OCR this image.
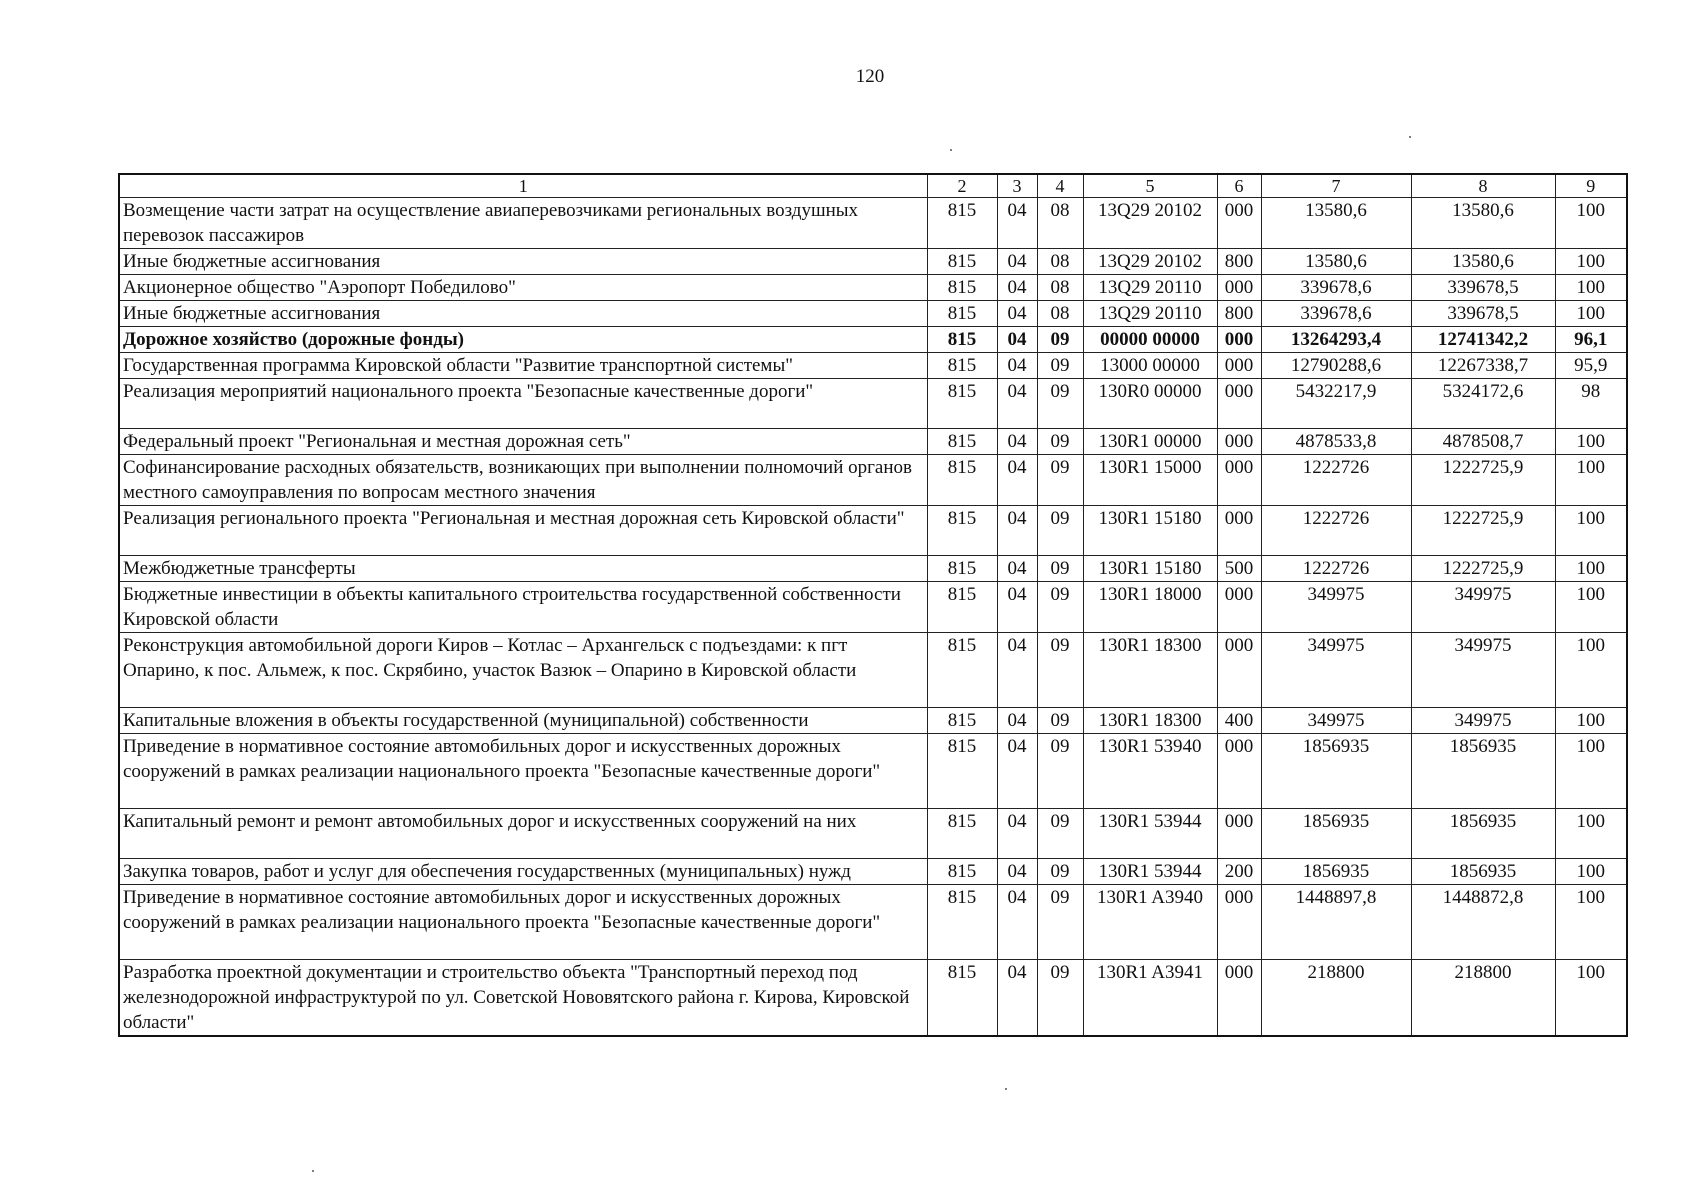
120
1	2	3	4	5	6	7	8	9
Возмещение части затрат на осуществление авиаперевозчиками региональных воздушных перевозок пассажиров	815	04	08	13Q29 20102	000	13580,6	13580,6	100
Иные бюджетные ассигнования	815	04	08	13Q29 20102	800	13580,6	13580,6	100
Акционерное общество "Аэропорт Победилово"	815	04	08	13Q29 20110	000	339678,6	339678,5	100
Иные бюджетные ассигнования	815	04	08	13Q29 20110	800	339678,6	339678,5	100
Дорожное хозяйство (дорожные фонды)	815	04	09	00000 00000	000	13264293,4	12741342,2	96,1
Государственная программа Кировской области "Развитие транспортной системы"	815	04	09	13000 00000	000	12790288,6	12267338,7	95,9
Реализация мероприятий национального проекта "Безопасные качественные дороги"	815	04	09	130R0 00000	000	5432217,9	5324172,6	98
Федеральный проект "Региональная и местная дорожная сеть"	815	04	09	130R1 00000	000	4878533,8	4878508,7	100
Софинансирование расходных обязательств, возникающих при выполнении полномочий органов местного самоуправления по вопросам местного значения	815	04	09	130R1 15000	000	1222726	1222725,9	100
Реализация регионального проекта "Региональная и местная дорожная сеть Кировской области"	815	04	09	130R1 15180	000	1222726	1222725,9	100
Межбюджетные трансферты	815	04	09	130R1 15180	500	1222726	1222725,9	100
Бюджетные инвестиции в объекты капитального строительства государственной собственности Кировской области	815	04	09	130R1 18000	000	349975	349975	100
Реконструкция автомобильной дороги Киров – Котлас – Архангельск с подъездами: к пгт Опарино, к пос. Альмеж, к пос. Скрябино, участок Вазюк – Опарино в Кировской области	815	04	09	130R1 18300	000	349975	349975	100
Капитальные вложения в объекты государственной (муниципальной) собственности	815	04	09	130R1 18300	400	349975	349975	100
Приведение в нормативное состояние автомобильных дорог и искусственных дорожных сооружений в рамках реализации национального проекта "Безопасные качественные дороги"	815	04	09	130R1 53940	000	1856935	1856935	100
Капитальный ремонт и ремонт автомобильных дорог и искусственных сооружений на них	815	04	09	130R1 53944	000	1856935	1856935	100
Закупка товаров, работ и услуг для обеспечения государственных (муниципальных) нужд	815	04	09	130R1 53944	200	1856935	1856935	100
Приведение в нормативное состояние автомобильных дорог и искусственных дорожных сооружений в рамках реализации национального проекта "Безопасные качественные дороги"	815	04	09	130R1 A3940	000	1448897,8	1448872,8	100
Разработка проектной документации и строительство объекта "Транспортный переход под железнодорожной инфраструктурой по ул. Советской Нововятского района г. Кирова, Кировской области"	815	04	09	130R1 A3941	000	218800	218800	100
